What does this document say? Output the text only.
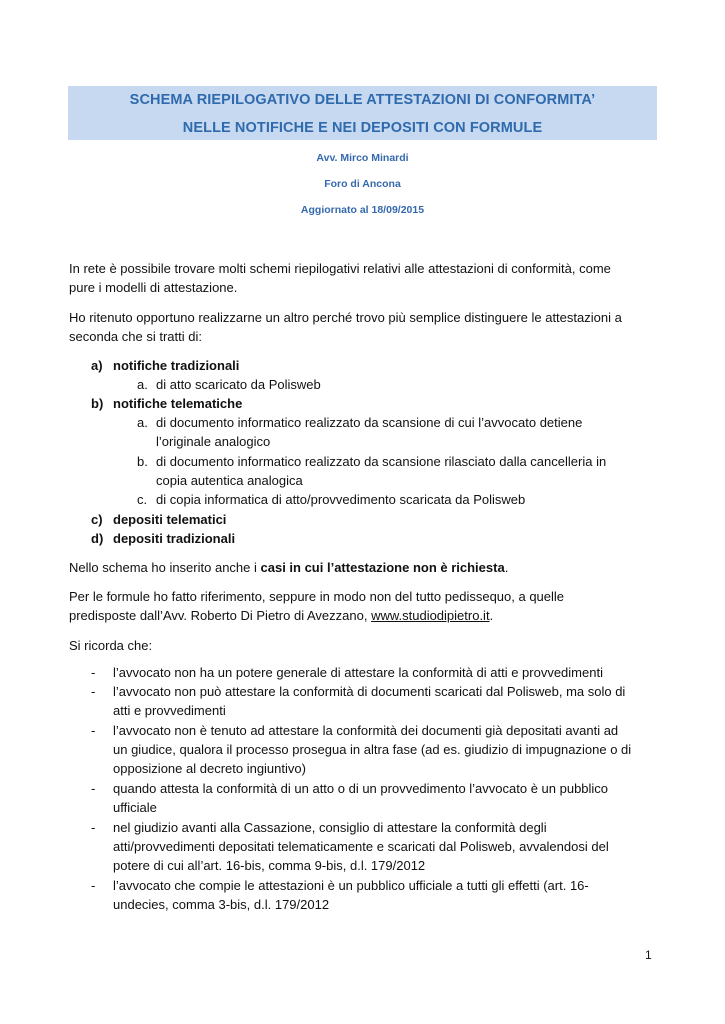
SCHEMA RIEPILOGATIVO DELLE ATTESTAZIONI DI CONFORMITA’
NELLE NOTIFICHE E NEI DEPOSITI CON FORMULE
Avv. Mirco Minardi
Foro di Ancona
Aggiornato al 18/09/2015
In rete è possibile trovare molti schemi riepilogativi relativi alle attestazioni di conformità, come
pure i modelli di attestazione.
Ho ritenuto opportuno realizzarne un altro perché trovo più semplice distinguere le attestazioni a
seconda che si tratti di:
a) notifiche tradizionali
a. di atto scaricato da Polisweb
b) notifiche telematiche
a. di documento informatico realizzato da scansione di cui l’avvocato detiene
l’originale analogico
b. di documento informatico realizzato da scansione rilasciato dalla cancelleria in
copia autentica analogica
c. di copia informatica di atto/provvedimento scaricata da Polisweb
c) depositi telematici
d) depositi tradizionali
Nello schema ho inserito anche i casi in cui l’attestazione non è richiesta.
Per le formule ho fatto riferimento, seppure in modo non del tutto pedissequo, a quelle
predisposte dall’Avv. Roberto Di Pietro di Avezzano, www.studiodipietro.it.
Si ricorda che:
- l’avvocato non ha un potere generale di attestare la conformità di atti e provvedimenti
- l’avvocato non può attestare la conformità di documenti scaricati dal Polisweb, ma solo di
atti e provvedimenti
- l’avvocato non è tenuto ad attestare la conformità dei documenti già depositati avanti ad
un giudice, qualora il processo prosegua in altra fase (ad es. giudizio di impugnazione o di
opposizione al decreto ingiuntivo)
- quando attesta la conformità di un atto o di un provvedimento l’avvocato è un pubblico
ufficiale
- nel giudizio avanti alla Cassazione, consiglio di attestare la conformità degli
atti/provvedimenti depositati telematicamente e scaricati dal Polisweb, avvalendosi del
potere di cui all’art. 16-bis, comma 9-bis, d.l. 179/2012
- l’avvocato che compie le attestazioni è un pubblico ufficiale a tutti gli effetti (art. 16-
undecies, comma 3-bis, d.l. 179/2012
1
